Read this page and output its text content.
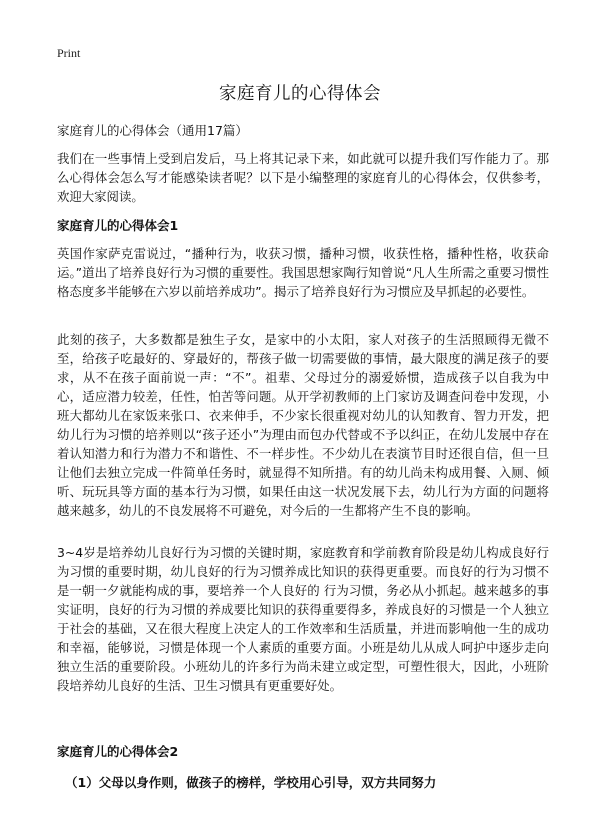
Print
家庭育儿的心得体会
家庭育儿的心得体会（通用17篇）
我们在一些事情上受到启发后，马上将其记录下来，如此就可以提升我们写作能力了。那么心得体会怎么写才能感染读者呢？以下是小编整理的家庭育儿的心得体会，仅供参考，欢迎大家阅读。
家庭育儿的心得体会1
英国作家萨克雷说过，“播种行为，收获习惯，播种习惯，收获性格，播种性格，收获命运。”道出了培养良好行为习惯的重要性。我国思想家陶行知曾说“凡人生所需之重要习惯性格态度多半能够在六岁以前培养成功”。揭示了培养良好行为习惯应及早抓起的必要性。
此刻的孩子，大多数都是独生子女，是家中的小太阳，家人对孩子的生活照顾得无微不至，给孩子吃最好的、穿最好的，帮孩子做一切需要做的事情，最大限度的满足孩子的要求，从不在孩子面前说一声：“不”。祖辈、父母过分的溺爱娇惯，造成孩子以自我为中心，适应潜力较差，任性，怕苦等问题。从开学初教师的上门家访及调查问卷中发现，小班大都幼儿在家饭来张口、衣来伸手，不少家长很重视对幼儿的认知教育、智力开发，把幼儿行为习惯的培养则以“孩子还小”为理由而包办代替或不予以纠正，在幼儿发展中存在着认知潜力和行为潜力不和谐性、不一样步性。不少幼儿在表演节目时还很自信，但一旦让他们去独立完成一件简单任务时，就显得不知所措。有的幼儿尚未构成用餐、入厕、倾听、玩玩具等方面的基本行为习惯，如果任由这一状况发展下去，幼儿行为方面的问题将越来越多，幼儿的不良发展将不可避免，对今后的一生都将产生不良的影响。
3~4岁是培养幼儿良好行为习惯的关键时期，家庭教育和学前教育阶段是幼儿构成良好行为习惯的重要时期，幼儿良好的行为习惯养成比知识的获得更重要。而良好的行为习惯不是一朝一夕就能构成的事，要培养一个人良好的 行为习惯，务必从小抓起。越来越多的事实证明，良好的行为习惯的养成要比知识的获得重要得多，养成良好的习惯是一个人独立于社会的基础，又在很大程度上决定人的工作效率和生活质量，并进而影响他一生的成功和幸福，能够说，习惯是体现一个人素质的重要方面。小班是幼儿从成人呵护中逐步走向独立生活的重要阶段。小班幼儿的许多行为尚未建立或定型，可塑性很大，因此，小班阶段培养幼儿良好的生活、卫生习惯具有更重要好处。
家庭育儿的心得体会2
（1）父母以身作则，做孩子的榜样，学校用心引导，双方共同努力
